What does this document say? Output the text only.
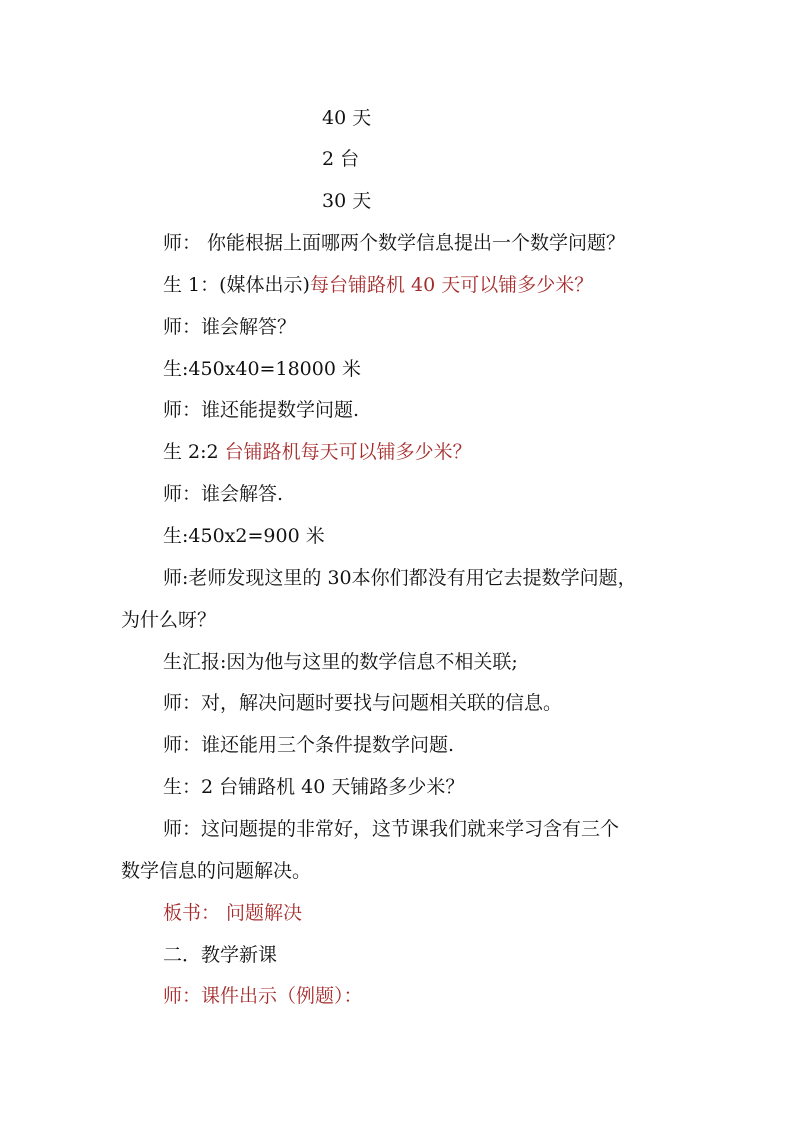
40 天
2 台
30 天
师： 你能根据上面哪两个数学信息提出一个数学问题？
生 1：(媒体出示)每台铺路机 40 天可以铺多少米？
师：谁会解答？
生:450x40=18000 米
师：谁还能提数学问题.
生 2:2 台铺路机每天可以铺多少米？
师：谁会解答.
生:450x2=900 米
师:老师发现这里的 30本你们都没有用它去提数学问题，
为什么呀？
生汇报:因为他与这里的数学信息不相关联;
师：对，解决问题时要找与问题相关联的信息。
师：谁还能用三个条件提数学问题.
生：2 台铺路机 40 天铺路多少米？
师：这问题提的非常好，这节课我们就来学习含有三个
数学信息的问题解决。
板书： 问题解决
二．教学新课
师：课件出示（例题）：
